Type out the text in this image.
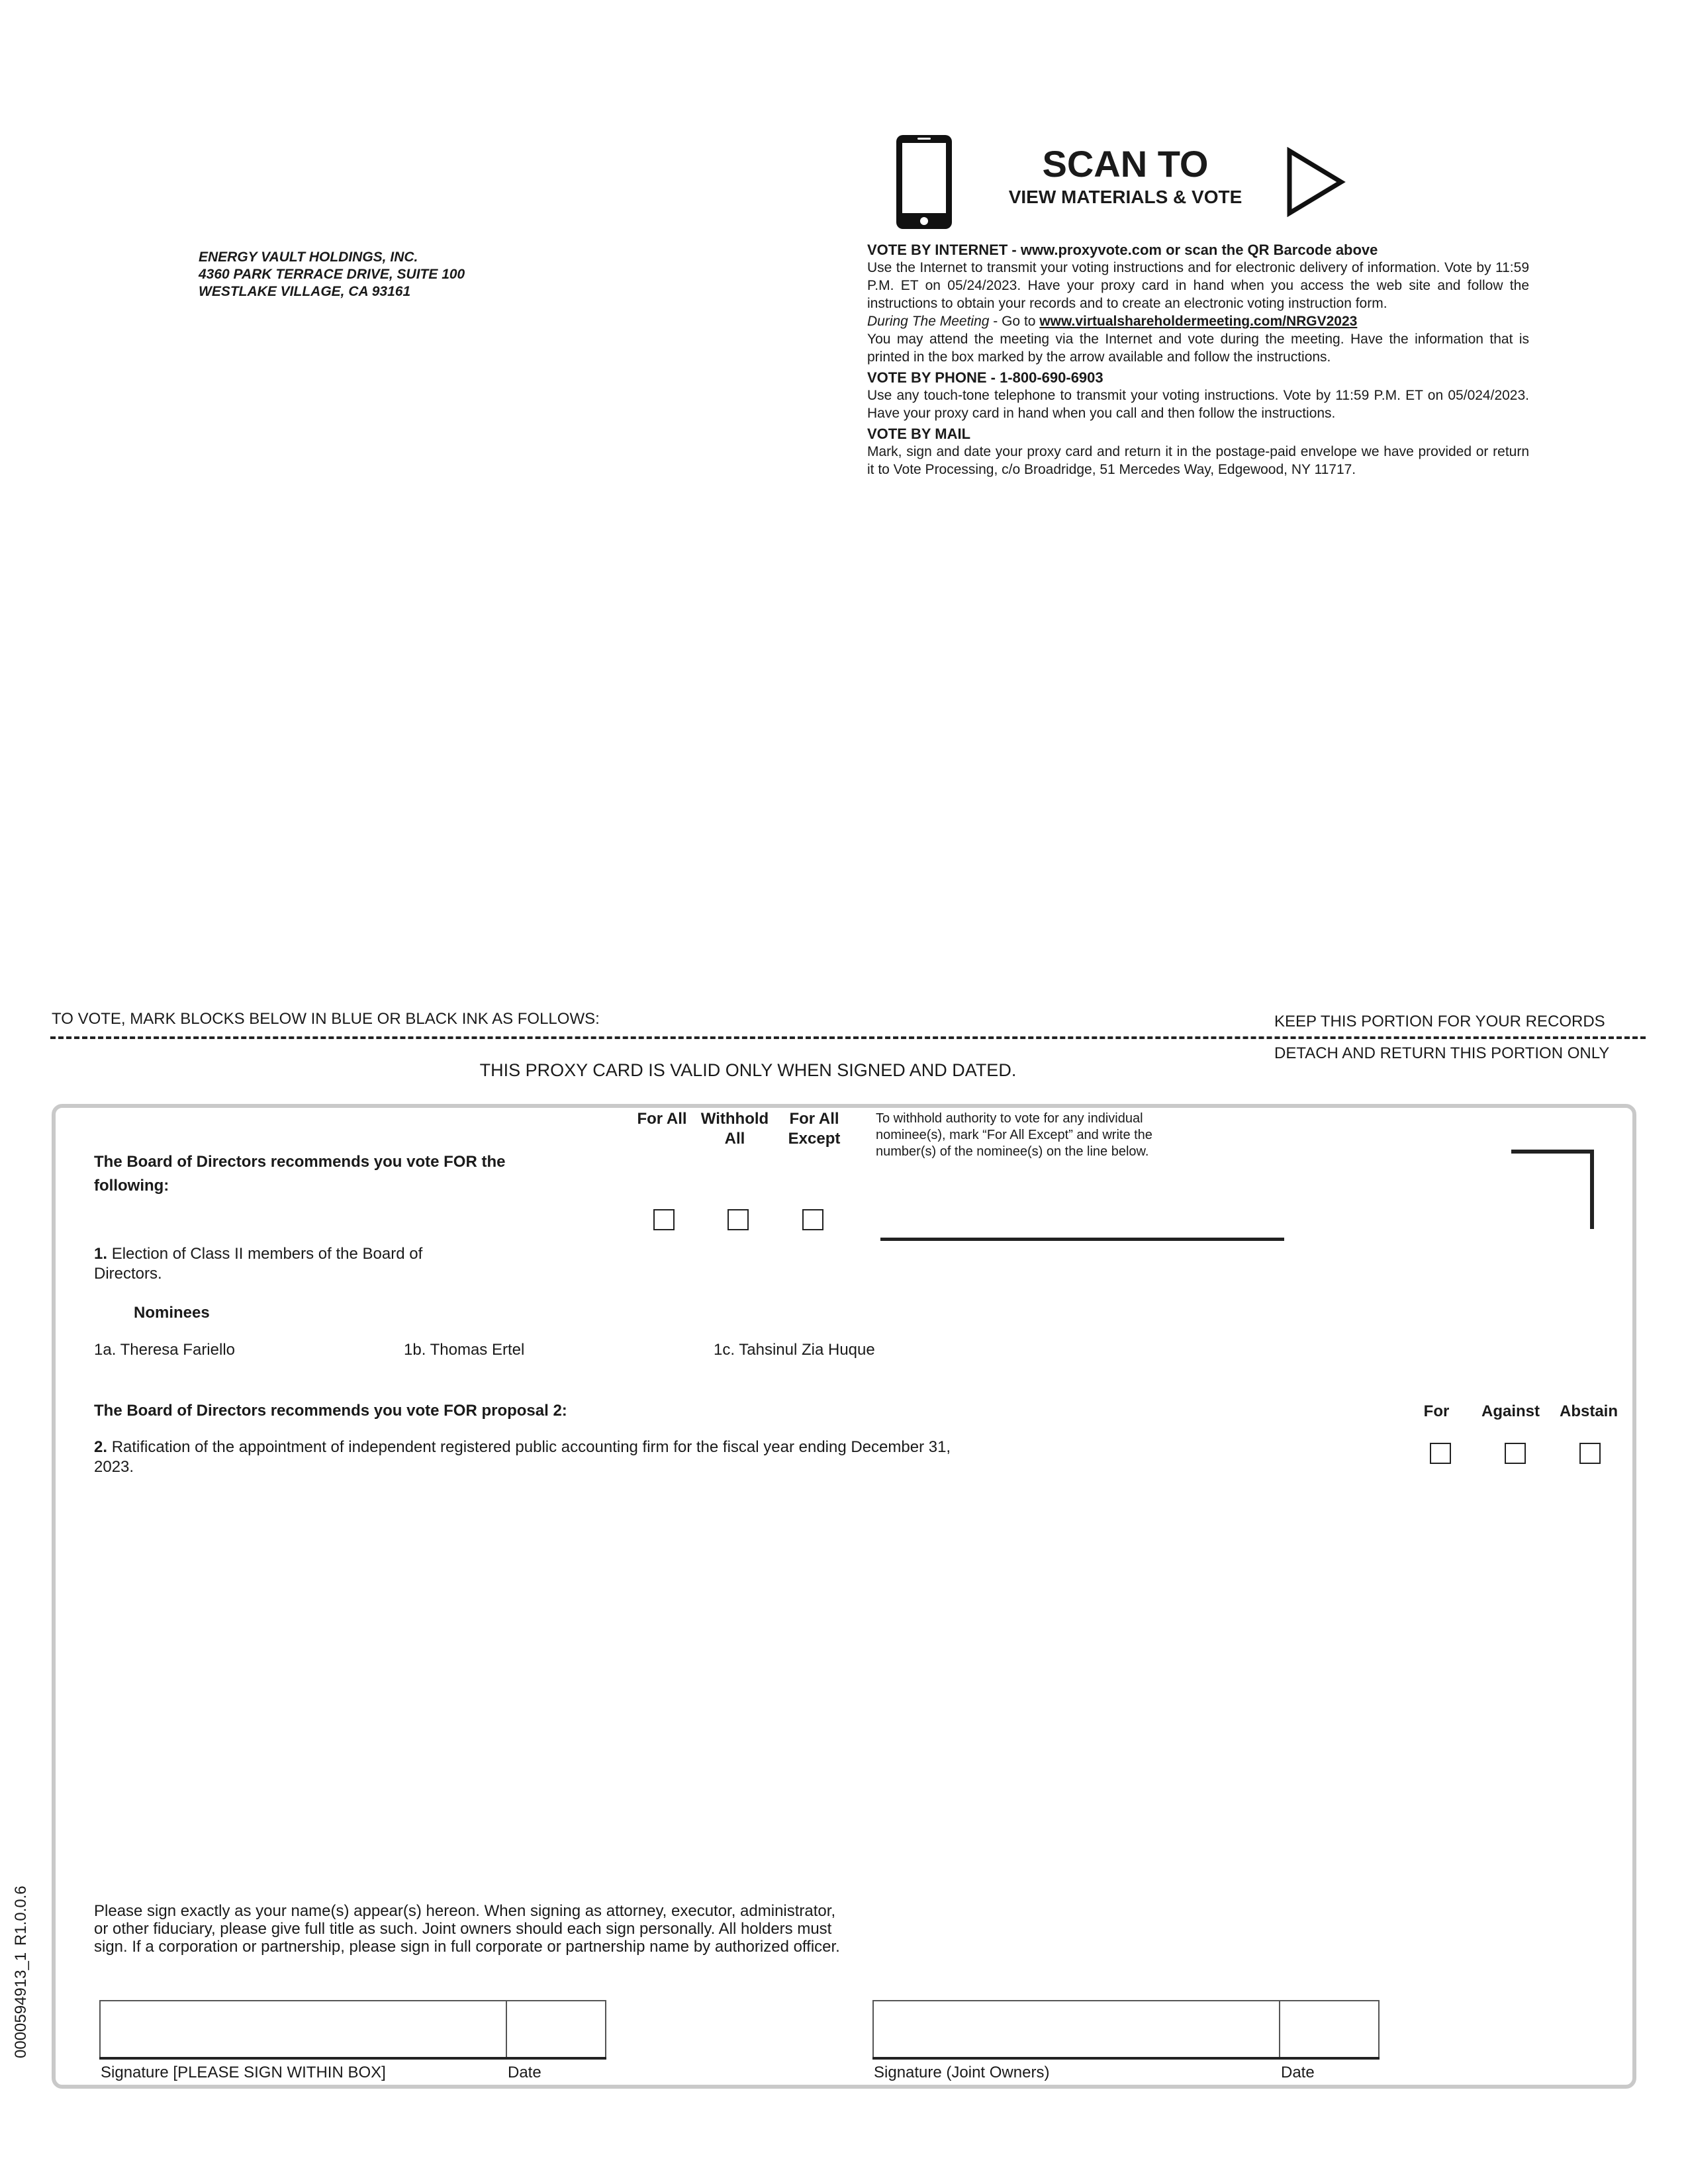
ENERGY VAULT HOLDINGS, INC.
4360 PARK TERRACE DRIVE, SUITE 100
WESTLAKE VILLAGE, CA 93161
SCAN TO
VIEW MATERIALS & VOTE
VOTE BY INTERNET - www.proxyvote.com or scan the QR Barcode above

Use the Internet to transmit your voting instructions and for electronic delivery of information. Vote by 11:59 P.M. ET on 05/24/2023. Have your proxy card in hand when you access the web site and follow the instructions to obtain your records and to create an electronic voting instruction form.

During The Meeting - Go to www.virtualshareholdermeeting.com/NRGV2023

You may attend the meeting via the Internet and vote during the meeting. Have the information that is printed in the box marked by the arrow available and follow the instructions.

VOTE BY PHONE - 1-800-690-6903

Use any touch-tone telephone to transmit your voting instructions. Vote by 11:59 P.M. ET on 05/024/2023. Have your proxy card in hand when you call and then follow the instructions.

VOTE BY MAIL

Mark, sign and date your proxy card and return it in the postage-paid envelope we have provided or return it to Vote Processing, c/o Broadridge, 51 Mercedes Way, Edgewood, NY 11717.

TO VOTE, MARK BLOCKS BELOW IN BLUE OR BLACK INK AS FOLLOWS:	KEEP THIS PORTION FOR YOUR RECORDS
DETACH AND RETURN THIS PORTION ONLY
THIS PROXY CARD IS VALID ONLY WHEN SIGNED AND DATED.
The Board of Directors recommends you vote FOR the following:
For All Withhold All
For All Except
To withhold authority to vote for any individual nominee(s), mark “For All Except” and write the number(s) of the nominee(s) on the line below.
1. Election of Class II members of the Board of Directors.
Nominees
1a. Theresa Fariello	1b. Thomas Ertel	1c. Tahsinul Zia Huque
The Board of Directors recommends you vote FOR proposal 2:	For	Against	Abstain
2. Ratification of the appointment of independent registered public accounting firm for the fiscal year ending December 31, 2023.
Please sign exactly as your name(s) appear(s) hereon. When signing as attorney, executor, administrator, or other fiduciary, please give full title as such. Joint owners should each sign personally. All holders must sign. If a corporation or partnership, please sign in full corporate or partnership name by authorized officer.
Signature [PLEASE SIGN WITHIN BOX]	Date	Signature (Joint Owners)	Date
0000594913_1
R1.0.0.6
